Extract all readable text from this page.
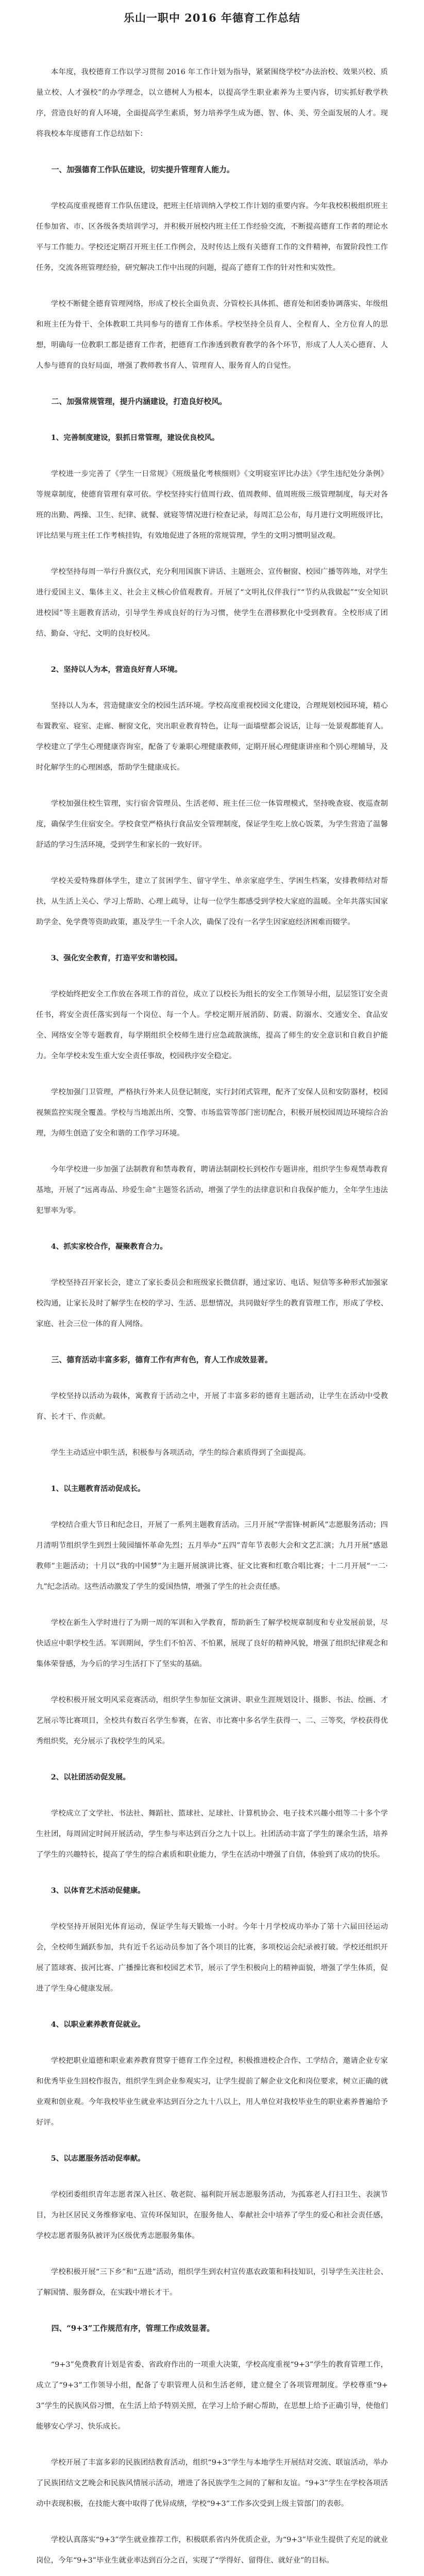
乐山一职中 2016 年德育工作总结
本年度，我校德育工作以学习贯彻 2016 年工作计划为指导，紧紧围绕学校“办法治校、效果兴校、质量立校、人才强校”的办学理念，以立德树人为根本，以提高学生职业素养为主要内容，切实抓好教学秩序，营造良好的育人环境，全面提高学生素质，努力培养学生成为德、智、体、美、劳全面发展的人才。现将我校本年度德育工作总结如下：
一、加强德育工作队伍建设，切实提升管理育人能力。
学校高度重视德育工作队伍建设，把班主任培训纳入学校工作计划的重要内容。今年我校积极组织班主任参加省、市、区各级各类培训学习，并积极开展校内班主任工作经验交流，不断提高德育工作者的理论水平与工作能力。学校还定期召开班主任工作例会，及时传达上级有关德育工作的文件精神，布置阶段性工作任务，交流各班管理经验，研究解决工作中出现的问题，提高了德育工作的针对性和实效性。
学校不断健全德育管理网络，形成了校长全面负责、分管校长具体抓、德育处和团委协调落实、年级组和班主任为骨干、全体教职工共同参与的德育工作体系。学校坚持全员育人、全程育人、全方位育人的思想，明确每一位教职工都是德育工作者，把德育工作渗透到教育教学的各个环节，形成了人人关心德育、人人参与德育的良好局面，增强了教师教书育人、管理育人、服务育人的自觉性。
二、加强常规管理，提升内涵建设，打造良好校风。
1、完善制度建设，狠抓日常管理，建设优良校风。
学校进一步完善了《学生一日常规》《班级量化考核细则》《文明寝室评比办法》《学生违纪处分条例》等规章制度，使德育管理有章可依。学校坚持实行值周行政、值周教师、值周班级三级管理制度，每天对各班的出勤、两操、卫生、纪律、就餐、就寝等情况进行检查记录，每周汇总公布，每月进行文明班级评比，评比结果与班主任工作考核挂钩，有效地促进了各班的常规管理，学生的文明习惯明显改观。
学校坚持每周一举行升旗仪式，充分利用国旗下讲话、主题班会、宣传橱窗、校园广播等阵地，对学生进行爱国主义、集体主义、社会主义核心价值观教育。开展了“文明礼仪伴我行”“节约从我做起”“安全知识进校园”等主题教育活动，引导学生养成良好的行为习惯，使学生在潜移默化中受到教育。全校形成了团结、勤奋、守纪、文明的良好校风。
2、坚持以人为本，营造良好育人环境。
坚持以人为本，营造健康安全的校园生活环境。学校高度重视校园文化建设，合理规划校园环境，精心布置教室、寝室、走廊、橱窗文化，突出职业教育特色，让每一面墙壁都会说话，让每一处景观都能育人。学校建立了学生心理健康咨询室，配备了专兼职心理健康教师，定期开展心理健康讲座和个别心理辅导，及时化解学生的心理困惑，帮助学生健康成长。
学校加强住校生管理，实行宿舍管理员、生活老师、班主任三位一体管理模式，坚持晚查寝、夜巡查制度，确保学生住宿安全。学校食堂严格执行食品安全管理制度，保证学生吃上放心饭菜，为学生营造了温馨舒适的学习生活环境，受到学生和家长的一致好评。
学校关爱特殊群体学生，建立了贫困学生、留守学生、单亲家庭学生、学困生档案，安排教师结对帮扶，从生活上关心、学习上帮助、心理上疏导，让每一位学生都感受到学校大家庭的温暖。全年共落实国家助学金、免学费等资助政策，惠及学生一千余人次，确保了没有一名学生因家庭经济困难而辍学。
3、强化安全教育，打造平安和谐校园。
学校始终把安全工作放在各项工作的首位，成立了以校长为组长的安全工作领导小组，层层签订安全责任书，将安全责任落实到每一个岗位、每一个人。学校定期开展消防、防震、防溺水、交通安全、食品安全、网络安全等专题教育，每学期组织全校师生进行应急疏散演练，提高了师生的安全意识和自救自护能力。全年学校未发生重大安全责任事故，校园秩序安全稳定。
学校加强门卫管理，严格执行外来人员登记制度，实行封闭式管理，配齐了安保人员和安防器材，校园视频监控实现全覆盖。学校与当地派出所、交警、市场监管等部门密切配合，积极开展校园周边环境综合治理，为师生创造了安全和谐的工作学习环境。
今年学校进一步加强了法制教育和禁毒教育，聘请法制副校长到校作专题讲座，组织学生参观禁毒教育基地，开展了“远离毒品、珍爱生命”主题签名活动，增强了学生的法律意识和自我保护能力，全年学生违法犯罪率为零。
4、抓实家校合作，凝聚教育合力。
学校坚持召开家长会，建立了家长委员会和班级家长微信群，通过家访、电话、短信等多种形式加强家校沟通，让家长及时了解学生在校的学习、生活、思想情况，共同做好学生的教育管理工作，形成了学校、家庭、社会三位一体的育人网络。
三、德育活动丰富多彩，德育工作有声有色，育人工作成效显著。
学校坚持以活动为载体，寓教育于活动之中，开展了丰富多彩的德育主题活动，让学生在活动中受教育、长才干、作贡献。
学生主动适应中职生活，积极参与各项活动，学生的综合素质得到了全面提高。
1、以主题教育活动促成长。
学校结合重大节日和纪念日，开展了一系列主题教育活动。三月开展“学雷锋·树新风”志愿服务活动；四月清明节组织学生到烈士陵园缅怀革命先烈；五月举办“五四”青年节表彰大会和文艺汇演；九月开展“感恩教师”主题活动；十月以“我的中国梦”为主题开展演讲比赛、征文比赛和红歌合唱比赛；十二月开展“一二·九”纪念活动。这些活动激发了学生的爱国热情，增强了学生的社会责任感。
学校在新生入学时进行了为期一周的军训和入学教育，帮助新生了解学校规章制度和专业发展前景，尽快适应中职学校生活。军训期间，学生们不怕苦、不怕累，展现了良好的精神风貌，增强了组织纪律观念和集体荣誉感，为今后的学习生活打下了坚实的基础。
学校积极开展文明风采竞赛活动，组织学生参加征文演讲、职业生涯规划设计、摄影、书法、绘画、才艺展示等比赛项目，全校共有数百名学生参赛，在省、市比赛中多名学生获得一、二、三等奖，学校获得优秀组织奖，充分展示了我校学生的风采。
2、以社团活动促发展。
学校成立了文学社、书法社、舞蹈社、篮球社、足球社、计算机协会、电子技术兴趣小组等二十多个学生社团，每周固定时间开展活动，学生参与率达到百分之九十以上。社团活动丰富了学生的课余生活，培养了学生的兴趣特长，提高了学生的综合素质和职业能力，学生在活动中增强了自信，体验到了成功的快乐。
3、以体育艺术活动促健康。
学校坚持开展阳光体育运动，保证学生每天锻炼一小时。今年十月学校成功举办了第十六届田径运动会，全校师生踊跃参加，共有近千名运动员参加了各个项目的比赛，多项校运会纪录被打破。学校还组织开展了篮球赛、拔河比赛、广播操比赛和校园艺术节，展示了学生积极向上的精神面貌，增强了学生体质，促进了学生身心健康发展。
4、以职业素养教育促就业。
学校把职业道德和职业素养教育贯穿于德育工作全过程，积极推进校企合作、工学结合，邀请企业专家和优秀毕业生回校作报告，组织学生到企业参观实习，让学生提前了解企业文化和岗位要求，树立正确的就业观和创业观。今年我校毕业生就业率达到百分之九十八以上，用人单位对我校毕业生的职业素养普遍给予好评。
5、以志愿服务活动促奉献。
学校团委组织青年志愿者深入社区、敬老院、福利院开展志愿服务活动，为孤寡老人打扫卫生、表演节目，为社区居民义务维修家电、宣传环保知识，在服务他人、奉献社会中培养了学生的爱心和社会责任感，学校志愿者服务队被评为区级优秀志愿服务集体。
学校积极开展“三下乡”和“五进”活动，组织学生到农村宣传惠农政策和科技知识，引导学生关注社会、了解国情、服务群众，在实践中增长才干。
四、“9+3”工作规范有序，管理工作成效显著。
“9+3”免费教育计划是省委、省政府作出的一项重大决策，学校高度重视“9+3”学生的教育管理工作，成立了“9+3”工作领导小组，配备了专职管理人员和生活老师，建立健全了各项管理制度。学校尊重“9+3”学生的民族风俗习惯，在生活上给予特别关照，在学习上给予耐心帮助，在思想上给予正确引导，使他们能够安心学习、快乐成长。
学校开展了丰富多彩的民族团结教育活动，组织“9+3”学生与本地学生开展结对交流、联谊活动，举办了民族团结文艺晚会和民族风情展示活动，增进了各民族学生之间的了解和友谊。“9+3”学生在学校各项活动中表现积极，在技能大赛中取得了优异成绩，学校“9+3”工作多次受到上级主管部门的表彰。
学校认真落实“9+3”学生就业推荐工作，积极联系省内外优质企业，为“9+3”毕业生提供了充足的就业岗位，今年“9+3”毕业生就业率达到百分之百，实现了“学得好、留得住、就好业”的目标。
